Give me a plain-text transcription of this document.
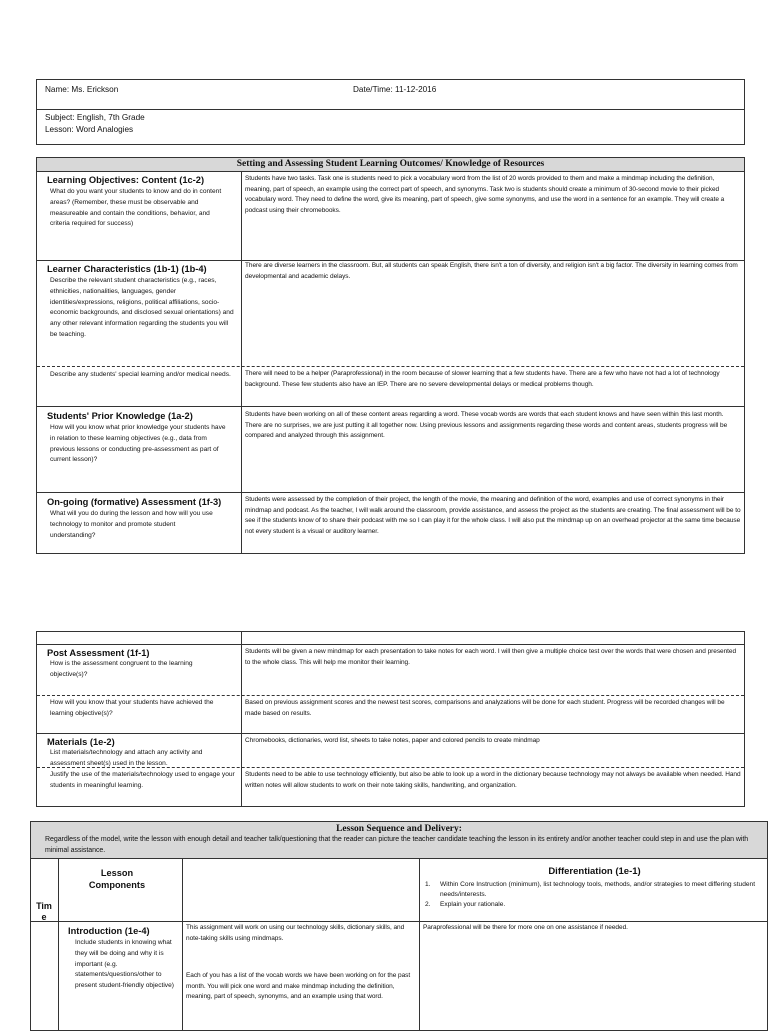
Name: Ms. Erickson	Date/Time: 11-12-2016
Subject: English, 7th Grade
Lesson: Word Analogies
Setting and Assessing Student Learning Outcomes/ Knowledge of Resources
Learning Objectives: Content (1c-2)
What do you want your students to know and do in content areas? (Remember, these must be observable and measureable and contain the conditions, behavior, and criteria required for success)
Students have two tasks. Task one is students need to pick a vocabulary word from the list of 20 words provided to them and make a mindmap including the definition, meaning, part of speech, an example using the correct part of speech, and synonyms. Task two is students should create a minimum of 30-second movie to their picked vocabulary word. They need to define the word, give its meaning, part of speech, give some synonyms, and use the word in a sentence for an example. They will create a podcast using their chromebooks.
Learner Characteristics (1b-1) (1b-4)
Describe the relevant student characteristics (e.g., races, ethnicities, nationalities, languages, gender identities/expressions, religions, political affiliations, socio-economic backgrounds, and disclosed sexual orientations) and any other relevant information regarding the students you will be teaching.
There are diverse learners in the classroom. But, all students can speak English, there isn't a ton of diversity, and religion isn't a big factor. The diversity in learning comes from developmental and academic delays.
Describe any students' special learning and/or medical needs. There will need to be a helper (Paraprofessional) in the room because of slower learning that a few students have. There are a few who have not had a lot of technology background. These few students also have an IEP. There are no severe developmental delays or medical problems though.
Students' Prior Knowledge (1a-2)
How will you know what prior knowledge your students have in relation to these learning objectives (e.g., data from previous lessons or conducting pre-assessment as part of current lesson)?
Students have been working on all of these content areas regarding a word. These vocab words are words that each student knows and have seen within this last month. There are no surprises, we are just putting it all together now. Using previous lessons and assignments regarding these words and content areas, students progress will be compared and analyzed through this assignment.
On-going (formative) Assessment (1f-3)
What will you do during the lesson and how will you use technology to monitor and promote student understanding?
Students were assessed by the completion of their project, the length of the movie, the meaning and definition of the word, examples and use of correct synonyms in their mindmap and podcast. As the teacher, I will walk around the classroom, provide assistance, and assess the project as the students are creating. The final assessment will be to see if the students know of to share their podcast with me so I can play it for the whole class. I will also put the mindmap up on an overhead projector at the same time because not every student is a visual or auditory learner.
Post Assessment (1f-1)
How is the assessment congruent to the learning objective(s)?
Students will be given a new mindmap for each presentation to take notes for each word. I will then give a multiple choice test over the words that were chosen and presented to the whole class. This will help me monitor their learning.
How will you know that your students have achieved the learning objective(s)?
Based on previous assignment scores and the newest test scores, comparisons and analyzations will be done for each student. Progress will be recorded changes will be made based on results.
Materials (1e-2)
List materials/technology and attach any activity and assessment sheet(s) used in the lesson.
Chromebooks, dictionaries, word list, sheets to take notes, paper and colored pencils to create mindmap
Justify the use of the materials/technology used to engage your students in meaningful learning.
Students need to be able to use technology efficiently, but also be able to look up a word in the dictionary because technology may not always be available when needed. Hand written notes will allow students to work on their note taking skills, handwriting, and organization.
Lesson Sequence and Delivery:
Regardless of the model, write the lesson with enough detail and teacher talk/questioning that the reader can picture the teacher candidate teaching the lesson in its entirety and/or another teacher could step in and use the plan with minimal assistance.
Tim e
Lesson Components
Differentiation (1e-1)
1. Within Core Instruction (minimum), list technology tools, methods, and/or strategies to meet differing student needs/interests.
2. Explain your rationale.
Introduction (1e-4)
Include students in knowing what they will be doing and why it is important (e.g. statements/questions/other to present student-friendly objective)
This assignment will work on using our technology skills, dictionary skills, and note-taking skills using mindmaps.
Each of you has a list of the vocab words we have been working on for the past month. You will pick one word and make mindmap including the definition, meaning, part of speech, synonyms, and an example using that word.
Paraprofessional will be there for more one on one assistance if needed.
